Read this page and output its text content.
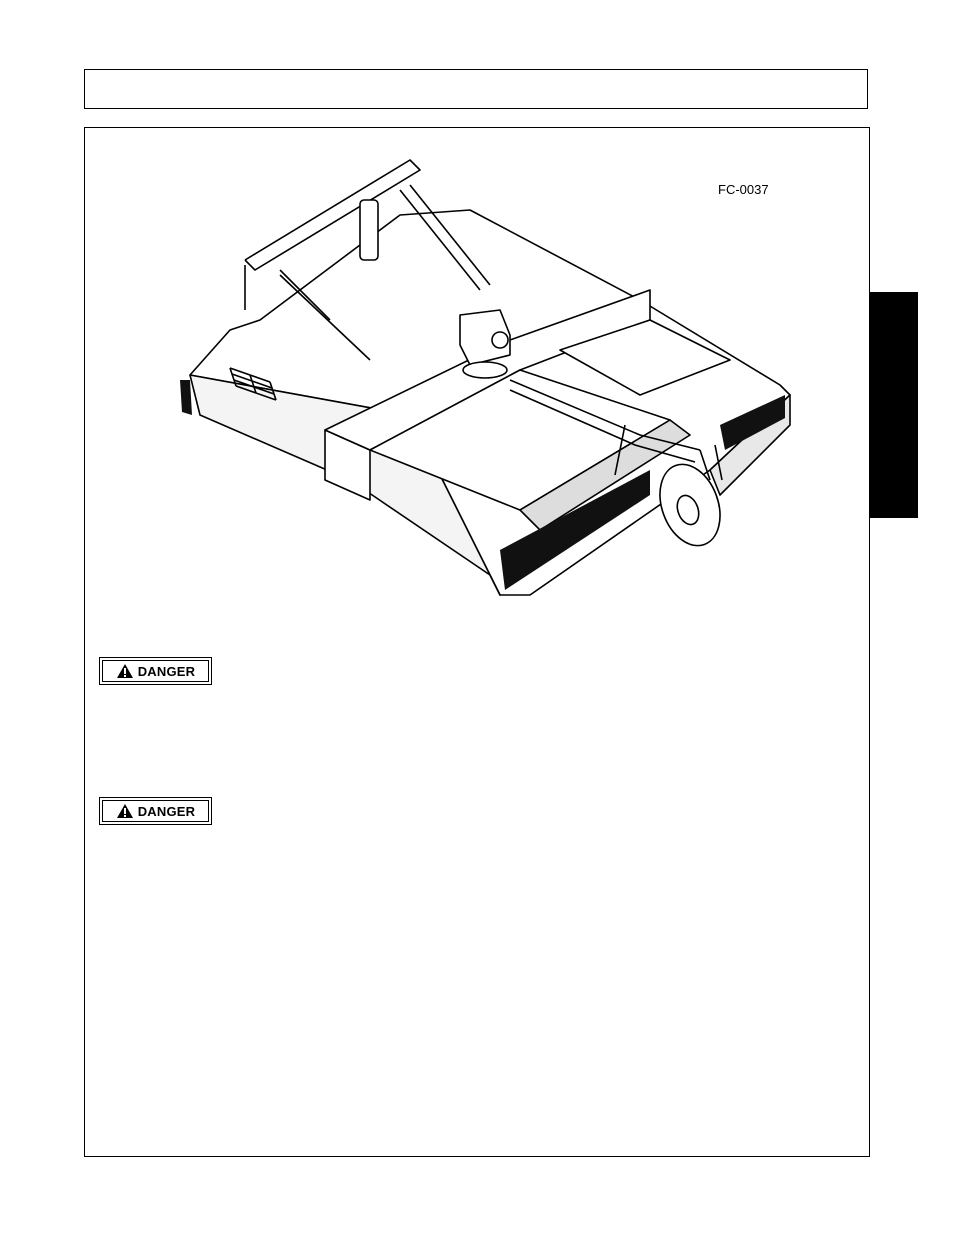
FC-0037
DANGER
DANGER
